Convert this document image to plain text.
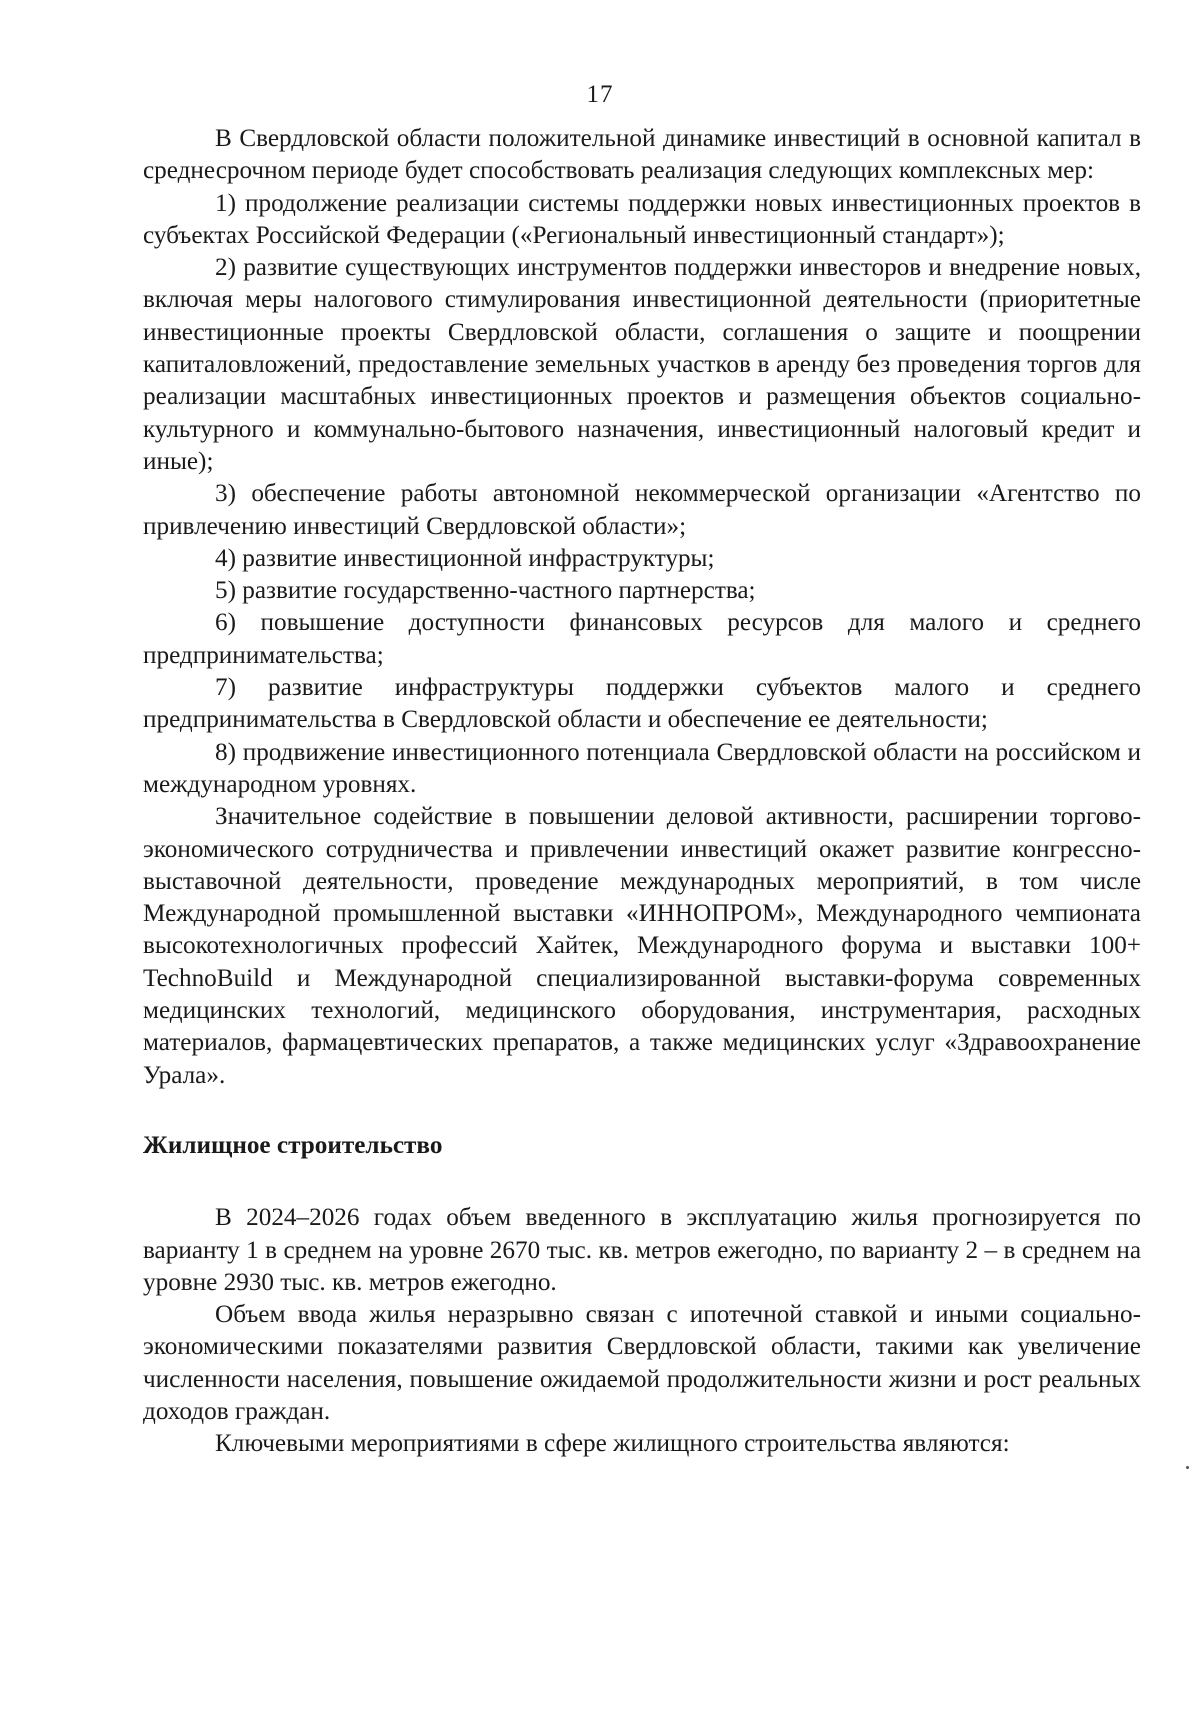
17

В Свердловской области положительной динамике инвестиций в основной капитал в среднесрочном периоде будет способствовать реализация следующих комплексных мер:

1) продолжение реализации системы поддержки новых инвестиционных проектов в субъектах Российской Федерации («Региональный инвестиционный стандарт»);

2) развитие существующих инструментов поддержки инвесторов и внедрение новых, включая меры налогового стимулирования инвестиционной деятельности (приоритетные инвестиционные проекты Свердловской области, соглашения о защите и поощрении капиталовложений, предоставление земельных участков в аренду без проведения торгов для реализации масштабных инвестиционных проектов и размещения объектов социально-культурного и коммунально-бытового назначения, инвестиционный налоговый кредит и иные);

3) обеспечение работы автономной некоммерческой организации «Агентство по привлечению инвестиций Свердловской области»;

4) развитие инвестиционной инфраструктуры;

5) развитие государственно-частного партнерства;

6) повышение доступности финансовых ресурсов для малого и среднего предпринимательства;

7) развитие инфраструктуры поддержки субъектов малого и среднего предпринимательства в Свердловской области и обеспечение ее деятельности;

8) продвижение инвестиционного потенциала Свердловской области на российском и международном уровнях.

Значительное содействие в повышении деловой активности, расширении торгово-экономического сотрудничества и привлечении инвестиций окажет развитие конгрессно-выставочной деятельности, проведение международных мероприятий, в том числе Международной промышленной выставки «ИННОПРОМ», Международного чемпионата высокотехнологичных профессий Хайтек, Международного форума и выставки 100+ TechnoBuild и Международной специализированной выставки-форума современных медицинских технологий, медицинского оборудования, инструментария, расходных материалов, фармацевтических препаратов, а также медицинских услуг «Здравоохранение Урала».

Жилищное строительство

В 2024–2026 годах объем введенного в эксплуатацию жилья прогнозируется по варианту 1 в среднем на уровне 2670 тыс. кв. метров ежегодно, по варианту 2 – в среднем на уровне 2930 тыс. кв. метров ежегодно.

Объем ввода жилья неразрывно связан с ипотечной ставкой и иными социально-экономическими показателями развития Свердловской области, такими как увеличение численности населения, повышение ожидаемой продолжительности жизни и рост реальных доходов граждан.

Ключевыми мероприятиями в сфере жилищного строительства являются:
